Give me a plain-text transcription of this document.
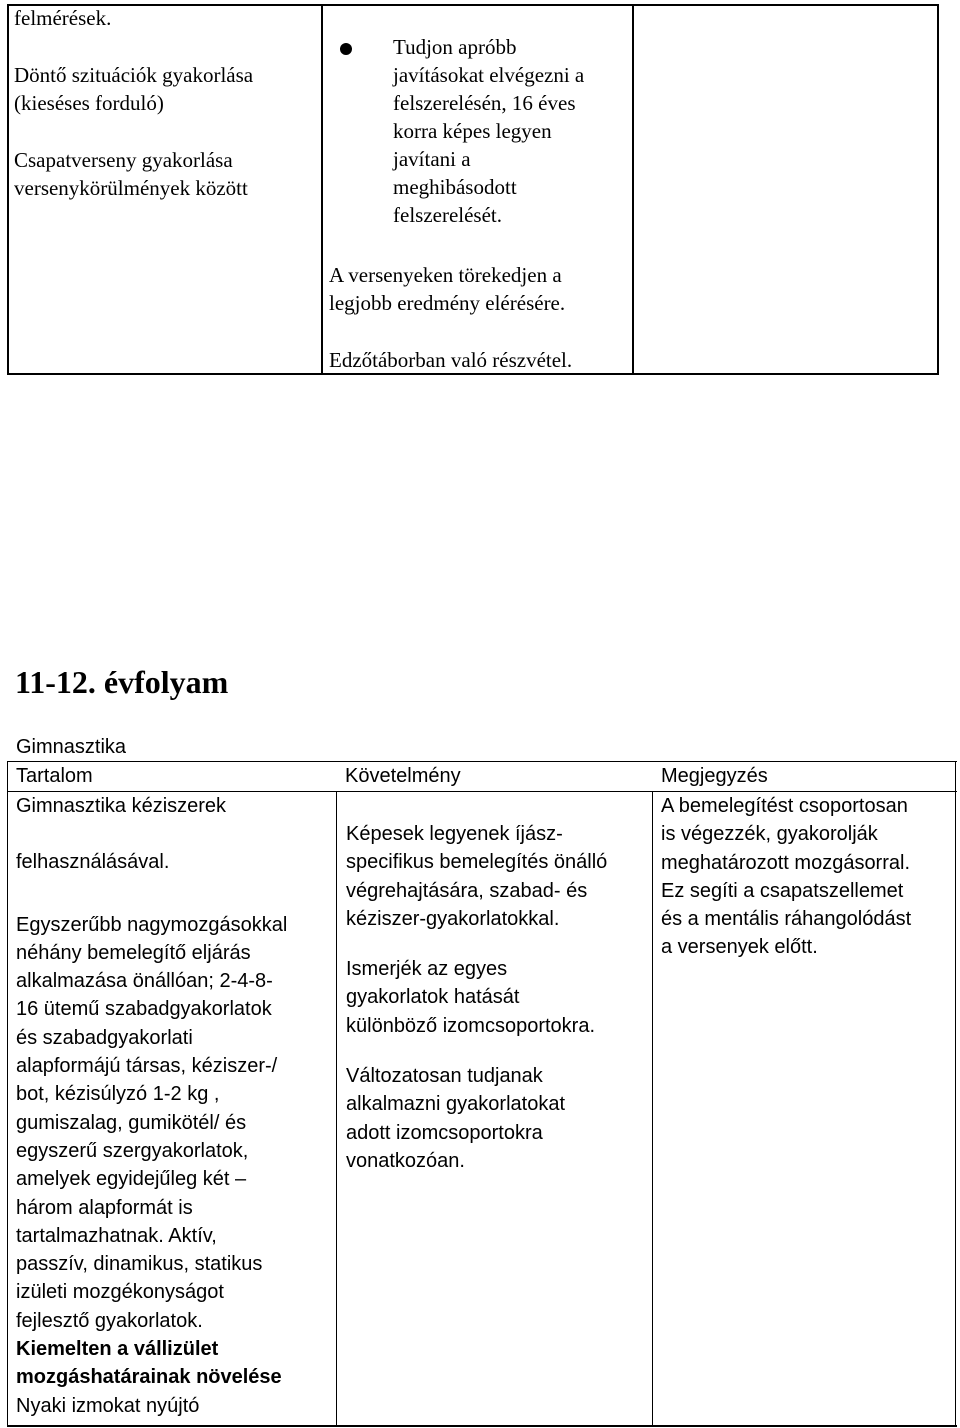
felmérések.

Döntő szituációk gyakorlása

(kieséses forduló)

Csapatverseny gyakorlása

versenykörülmények között

Tudjon apróbb

javításokat elvégezni a

felszerelésén, 16 éves

korra képes legyen

javítani a

meghibásodott

felszerelését.

A versenyeken törekedjen a

legjobb eredmény elérésére.

Edzőtáborban való részvétel.

11-12. évfolyam
Gimnasztika
Tartalom	Követelmény	Megjegyzés

Gimnasztika kéziszerek

felhasználásával.

Egyszerűbb nagymozgásokkal

néhány bemelegítő eljárás

alkalmazása önállóan; 2-4-8-

16 ütemű szabadgyakorlatok

és szabadgyakorlati

alapformájú társas, kéziszer-/

bot, kézisúlyzó 1-2 kg ,

gumiszalag, gumikötél/ és

egyszerű szergyakorlatok,

amelyek egyidejűleg két –

három alapformát is

tartalmazhatnak. Aktív,

passzív, dinamikus, statikus

izületi mozgékonyságot

fejlesztő gyakorlatok.

Kiemelten a vállizület

mozgáshatárainak növelése

Nyaki izmokat nyújtó

Képesek legyenek íjász-

specifikus bemelegítés önálló

végrehajtására, szabad- és

kéziszer-gyakorlatokkal.

Ismerjék az egyes

gyakorlatok hatását

különböző izomcsoportokra.

Változatosan tudjanak

alkalmazni gyakorlatokat

adott izomcsoportokra

vonatkozóan.

A bemelegítést csoportosan

is végezzék, gyakorolják

meghatározott mozgásorral.

Ez segíti a csapatszellemet

és a mentális ráhangolódást

a versenyek előtt.
